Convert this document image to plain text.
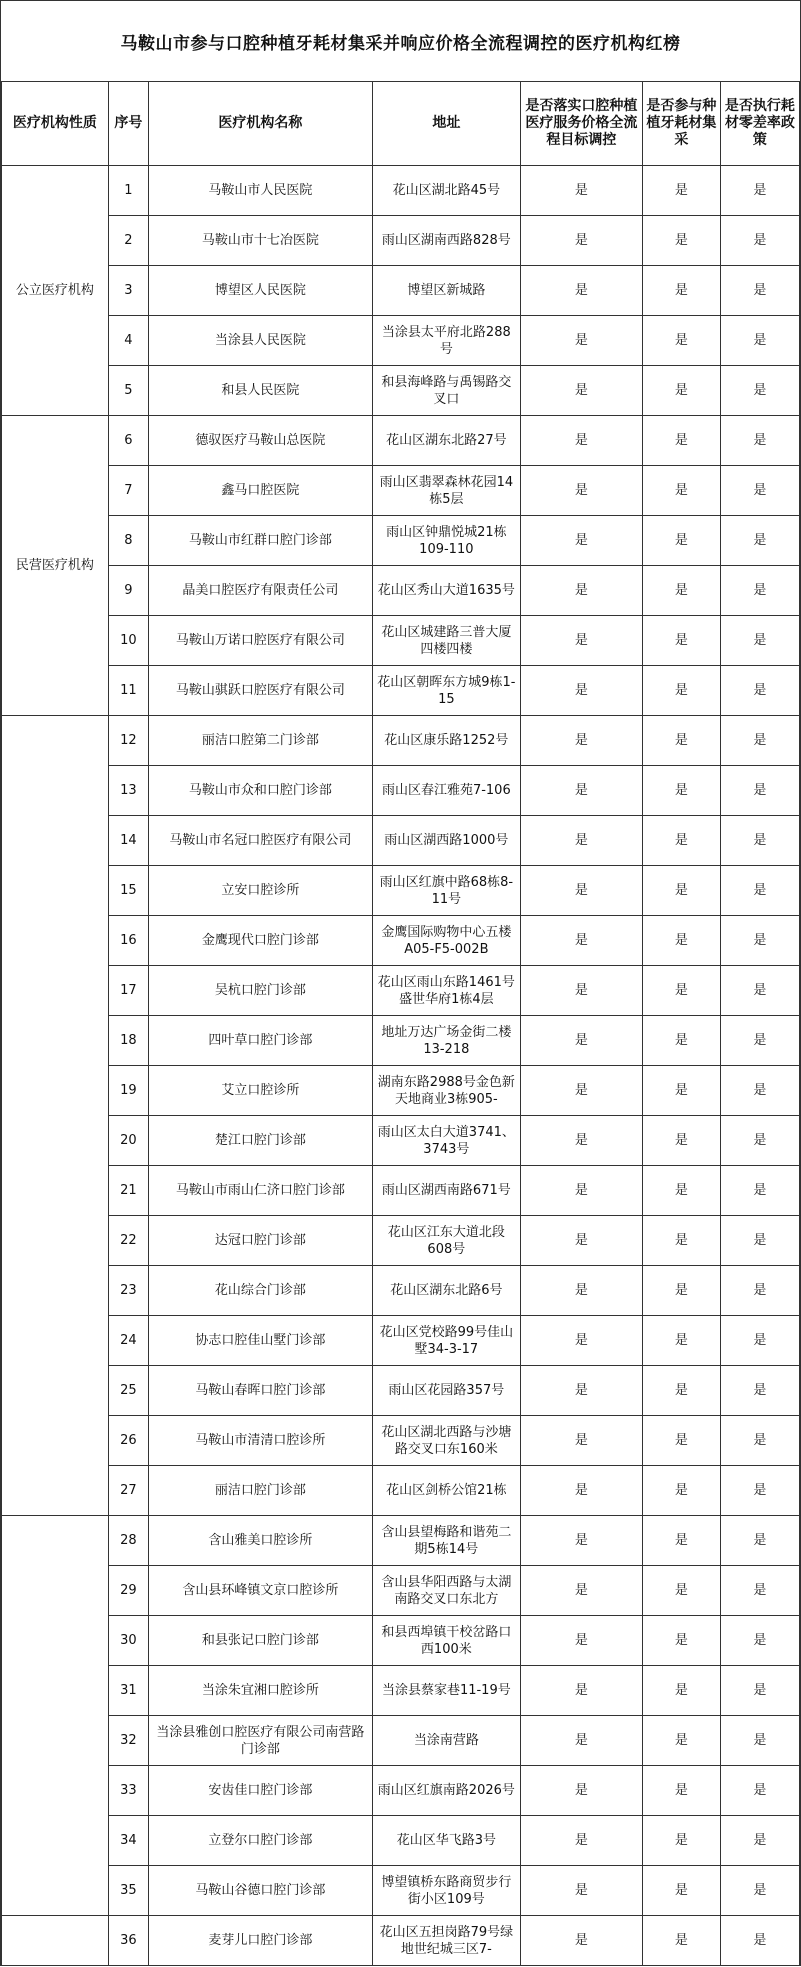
马鞍山市参与口腔种植牙耗材集采并响应价格全流程调控的医疗机构红榜
医疗机构性质	序号	医疗机构名称	地址	是否落实口腔种植医疗服务价格全流程目标调控	是否参与种植牙耗材集采	是否执行耗材零差率政策
公立医疗机构	1	马鞍山市人民医院	花山区湖北路45号	是	是	是
	2	马鞍山市十七冶医院	雨山区湖南西路828号	是	是	是
	3	博望区人民医院	博望区新城路	是	是	是
	4	当涂县人民医院	当涂县太平府北路288号	是	是	是
	5	和县人民医院	和县海峰路与禹锡路交叉口	是	是	是
民营医疗机构	6	德驭医疗马鞍山总医院	花山区湖东北路27号	是	是	是
	7	鑫马口腔医院	雨山区翡翠森林花园14栋5层	是	是	是
	8	马鞍山市红群口腔门诊部	雨山区钟鼎悦城21栋109-110	是	是	是
	9	晶美口腔医疗有限责任公司	花山区秀山大道1635号	是	是	是
	10	马鞍山万诺口腔医疗有限公司	花山区城建路三普大厦四楼四楼	是	是	是
	11	马鞍山骐跃口腔医疗有限公司	花山区朝晖东方城9栋1-15	是	是	是
	12	丽洁口腔第二门诊部	花山区康乐路1252号	是	是	是
	13	马鞍山市众和口腔门诊部	雨山区春江雅苑7-106	是	是	是
	14	马鞍山市名冠口腔医疗有限公司	雨山区湖西路1000号	是	是	是
	15	立安口腔诊所	雨山区红旗中路68栋8-11号	是	是	是
	16	金鹰现代口腔门诊部	金鹰国际购物中心五楼A05-F5-002B	是	是	是
	17	吴杭口腔门诊部	花山区雨山东路1461号盛世华府1栋4层	是	是	是
	18	四叶草口腔门诊部	地址万达广场金街二楼13-218	是	是	是
	19	艾立口腔诊所	湖南东路2988号金色新天地商业3栋905-	是	是	是
	20	楚江口腔门诊部	雨山区太白大道3741、3743号	是	是	是
	21	马鞍山市雨山仁济口腔门诊部	雨山区湖西南路671号	是	是	是
	22	达冠口腔门诊部	花山区江东大道北段608号	是	是	是
	23	花山综合门诊部	花山区湖东北路6号	是	是	是
	24	协志口腔佳山墅门诊部	花山区党校路99号佳山墅34-3-17	是	是	是
	25	马鞍山春晖口腔门诊部	雨山区花园路357号	是	是	是
	26	马鞍山市清清口腔诊所	花山区湖北西路与沙塘路交叉口东160米	是	是	是
	27	丽洁口腔门诊部	花山区剑桥公馆21栋	是	是	是
	28	含山雅美口腔诊所	含山县望梅路和谐苑二期5栋14号	是	是	是
	29	含山县环峰镇文京口腔诊所	含山县华阳西路与太湖南路交叉口东北方	是	是	是
	30	和县张记口腔门诊部	和县西埠镇干校岔路口西100米	是	是	是
	31	当涂朱宜湘口腔诊所	当涂县蔡家巷11-19号	是	是	是
	32	当涂县雅创口腔医疗有限公司南营路门诊部	当涂南营路	是	是	是
	33	安齿佳口腔门诊部	雨山区红旗南路2026号	是	是	是
	34	立登尔口腔门诊部	花山区华飞路3号	是	是	是
	35	马鞍山谷德口腔门诊部	博望镇桥东路商贸步行街小区109号	是	是	是
	36	麦芽儿口腔门诊部	花山区五担岗路79号绿地世纪城三区7-	是	是	是
